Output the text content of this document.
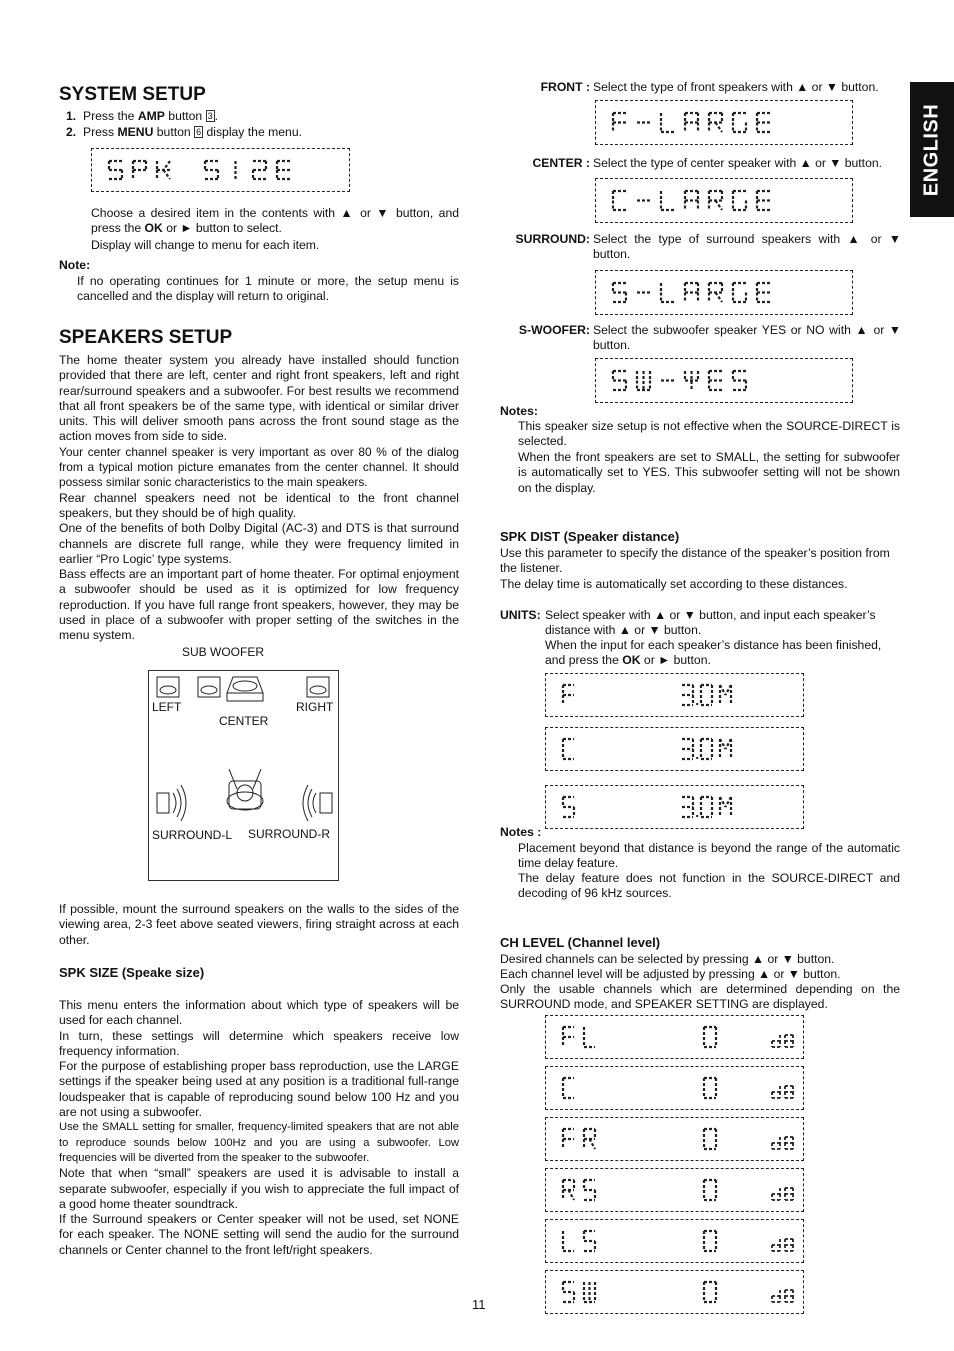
ENGLISH
SYSTEM SETUP
1. Press the AMP button 3 .
2. Press MENU button 6 display the menu.
Choose a desired item in the contents with ▲ or ▼ button, and press the OK or ► button to select.
Display will change to menu for each item.
Note:
If no operating continues for 1 minute or more, the setup menu is cancelled and the display will return to original.
SPEAKERS SETUP

The home theater system you already have installed should function provided that there are left, center and right front speakers, left and right rear/surround speakers and a subwoofer. For best results we recommend that all front speakers be of the same type, with identical or similar driver units. This will deliver smooth pans across the front sound stage as the action moves from side to side.

Your center channel speaker is very important as over 80 % of the dialog from a typical motion picture emanates from the center channel. It should possess similar sonic characteristics to the main speakers.

Rear channel speakers need not be identical to the front channel speakers, but they should be of high quality.

One of the benefits of both Dolby Digital (AC-3) and DTS is that surround channels are discrete full range, while they were frequency limited in earlier “Pro Logic’ type systems.

Bass effects are an important part of home theater. For optimal enjoyment a subwoofer should be used as it is optimized for low frequency reproduction. If you have full range front speakers, however, they may be used in place of a subwoofer with proper setting of the switches in the menu system.

SUB WOOFER
LEFT
CENTER
RIGHT
SURROUND-L SURROUND-R
If possible, mount the surround speakers on the walls to the sides of the viewing area, 2-3 feet above seated viewers, firing straight across at each other.
SPK SIZE (Speake size)

This menu enters the information about which type of speakers will be used for each channel.

In turn, these settings will determine which speakers receive low frequency information.

For the purpose of establishing proper bass reproduction, use the LARGE settings if the speaker being used at any position is a traditional full-range loudspeaker that is capable of reproducing sound below 100 Hz and you are not using a subwoofer.

Use the SMALL setting for smaller, frequency-limited speakers that are not able to reproduce sounds below 100Hz and you are using a subwoofer. Low frequencies will be diverted from the speaker to the subwoofer.

Note that when “small” speakers are used it is advisable to install a separate subwoofer, especially if you wish to appreciate the full impact of a good home theater soundtrack.

If the Surround speakers or Center speaker will not be used, set NONE for each speaker. The NONE setting will send the audio for the surround channels or Center channel to the front left/right speakers.

11
FRONT : Select the type of front speakers with ▲ or ▼ button.
CENTER : Select the type of center speaker with ▲ or ▼ button.
SURROUND: Select the type of surround speakers with ▲ or ▼ button.
S-WOOFER: Select the subwoofer speaker YES or NO with ▲ or ▼ button.
Notes:
This speaker size setup is not effective when the SOURCE-DIRECT is selected.
When the front speakers are set to SMALL, the setting for subwoofer is automatically set to YES. This subwoofer setting will not be shown on the display.
SPK DIST (Speaker distance)
Use this parameter to specify the distance of the speaker’s position from the listener.
The delay time is automatically set according to these distances.
UNITS: Select speaker with ▲ or ▼ button, and input each speaker’s distance with ▲ or ▼ button.
When the input for each speaker’s distance has been finished, and press the OK or ► button.
Notes :
Placement beyond that distance is beyond the range of the automatic time delay feature.
The delay feature does not function in the SOURCE-DIRECT and decoding of 96 kHz sources.
CH LEVEL (Channel level)
Desired channels can be selected by pressing ▲ or ▼ button.
Each channel level will be adjusted by pressing ▲ or ▼ button.
Only the usable channels which are determined depending on the SURROUND mode, and SPEAKER SETTING are displayed.
